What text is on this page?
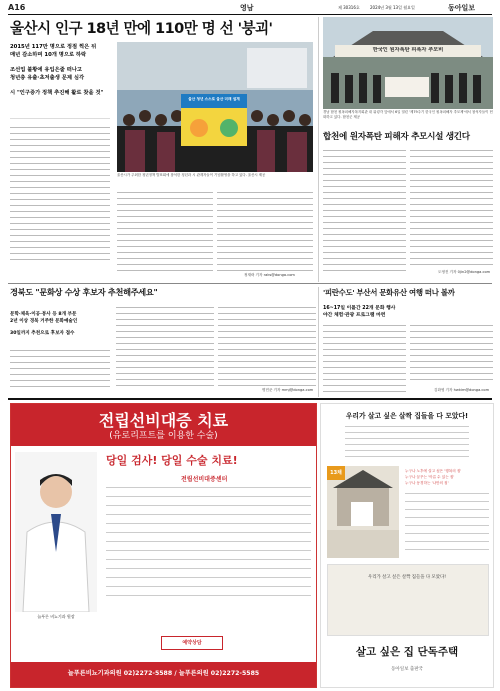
A16	영남	제 30316호	2024년 3월 13일 월요일	동아일보
울산시 인구 18년 만에 110만 명 선 '붕괴'
2015년 117만 명으로 정점 찍은 뒤
매년 감소하며 10개 명으로 하락
조선업 불황에 유입은줄 떠나고
청년층 유출·초저출생 문제 심각
시 "인구증가 정책 추진해 활로 찾을 것"
울산 청년 스스로 울산 미래 설계
울산시가 주최한 청년정책 발표회에 참석한 청년과 시 관계자들이 기념촬영을 하고 있다. 울산시 제공
정재락 기자 raks@donga.com
한국인 원자폭탄 피폭자 추모비
경남 합천 원폭피해자복지회관 내 위령각 앞에서 6일 열린 '제79주기 한국인 원폭피해자 추모제'에서 참석자들이 헌화하고 있다. 합천군 제공
합천에 원자폭탄 피해자 추모시설 생긴다
도영진 기자 0jin2@donga.com
경북도 "문화상 수상 후보자 추천해주세요"
문학·체육·이공·봉사 등 8개 부문
2년 이상 경북 거주한 문화예술인
30일까지 추천으로 후보자 접수
명민준 기자 mmj@donga.com
'피란수도' 부산서 문화유산 여행 떠나 볼까
16~17일 이틀간 22개 문화 행사
야간 체험·관광 프로그램 마련
김화영 기자 hwkim@donga.com
전립선비대증 치료
(유로리프트를 이용한 수술)
당일 검사! 당일 수술 치료!
늘푸른 비뇨기과 원장
전립선비대증센터
예약상담
늘푸른비뇨기과의원 02)2272-5588 / 늘푸른의원 02)2272-5585
우리가 살고 싶은 살짝 집들을 다 모았다!
13채	누구나 노후에 살고 싶은 '행복의 집'
누구나 꿈꾸는 '아름 수 있는 집'
누구나 동경하는 '나만의 집'
우리가 살고 싶은 살짝 집들을 다 모았다!
살고 싶은 집 단독주택
동아일보 출판국
